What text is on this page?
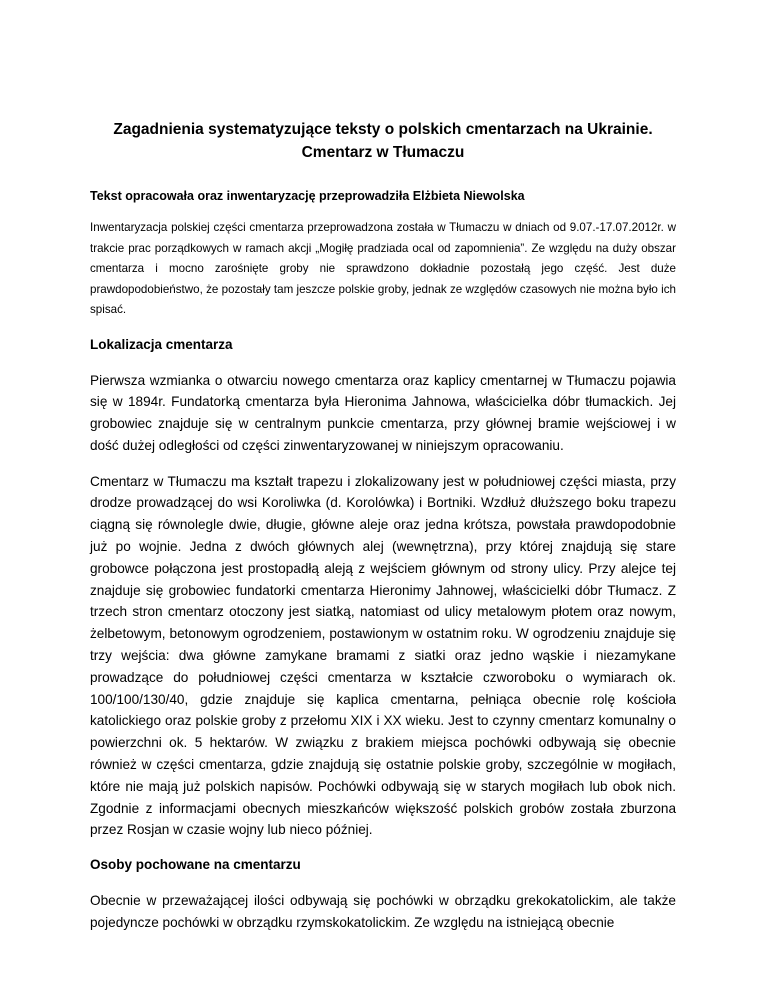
Zagadnienia systematyzujące teksty o polskich cmentarzach na Ukrainie.
Cmentarz w Tłumaczu

Tekst opracowała oraz inwentaryzację przeprowadziła Elżbieta Niewolska

Inwentaryzacja polskiej części cmentarza przeprowadzona została w Tłumaczu w dniach od 9.07.-17.07.2012r. w trakcie prac porządkowych w ramach akcji „Mogiłę pradziada ocal od zapomnienia”. Ze względu na duży obszar cmentarza i mocno zarośnięte groby nie sprawdzono dokładnie pozostałą jego część. Jest duże prawdopodobieństwo, że pozostały tam jeszcze polskie groby, jednak ze względów czasowych nie można było ich spisać.

Lokalizacja cmentarza

Pierwsza wzmianka o otwarciu nowego cmentarza oraz kaplicy cmentarnej w Tłumaczu pojawia się w 1894r. Fundatorką cmentarza była Hieronima Jahnowa, właścicielka dóbr tłumackich. Jej grobowiec znajduje się w centralnym punkcie cmentarza, przy głównej bramie wejściowej i w dość dużej odległości od części zinwentaryzowanej w niniejszym opracowaniu.

Cmentarz w Tłumaczu ma kształt trapezu i zlokalizowany jest w południowej części miasta, przy drodze prowadzącej do wsi Koroliwka (d. Korolówka) i Bortniki. Wzdłuż dłuższego boku trapezu ciągną się równolegle dwie, długie, główne aleje oraz jedna krótsza, powstała prawdopodobnie już po wojnie. Jedna z dwóch głównych alej (wewnętrzna), przy której znajdują się stare grobowce połączona jest prostopadłą aleją z wejściem głównym od strony ulicy. Przy alejce tej znajduje się grobowiec fundatorki cmentarza Hieronimy Jahnowej, właścicielki dóbr Tłumacz. Z trzech stron cmentarz otoczony jest siatką, natomiast od ulicy metalowym płotem oraz nowym, żelbetowym, betonowym ogrodzeniem, postawionym w ostatnim roku. W ogrodzeniu znajduje się trzy wejścia: dwa główne zamykane bramami z siatki oraz jedno wąskie i niezamykane prowadzące do południowej części cmentarza w kształcie czworoboku o wymiarach ok. 100/100/130/40, gdzie znajduje się kaplica cmentarna, pełniąca obecnie rolę kościoła katolickiego oraz polskie groby z przełomu XIX i XX wieku. Jest to czynny cmentarz komunalny o powierzchni ok. 5 hektarów. W związku z brakiem miejsca pochówki odbywają się obecnie również w części cmentarza, gdzie znajdują się ostatnie polskie groby, szczególnie w mogiłach, które nie mają już polskich napisów. Pochówki odbywają się w starych mogiłach lub obok nich. Zgodnie z informacjami obecnych mieszkańców większość polskich grobów została zburzona przez Rosjan w czasie wojny lub nieco później.

Osoby pochowane na cmentarzu

Obecnie w przeważającej ilości odbywają się pochówki w obrządku grekokatolickim, ale także pojedyncze pochówki w obrządku rzymskokatolickim. Ze względu na istniejącą obecnie
